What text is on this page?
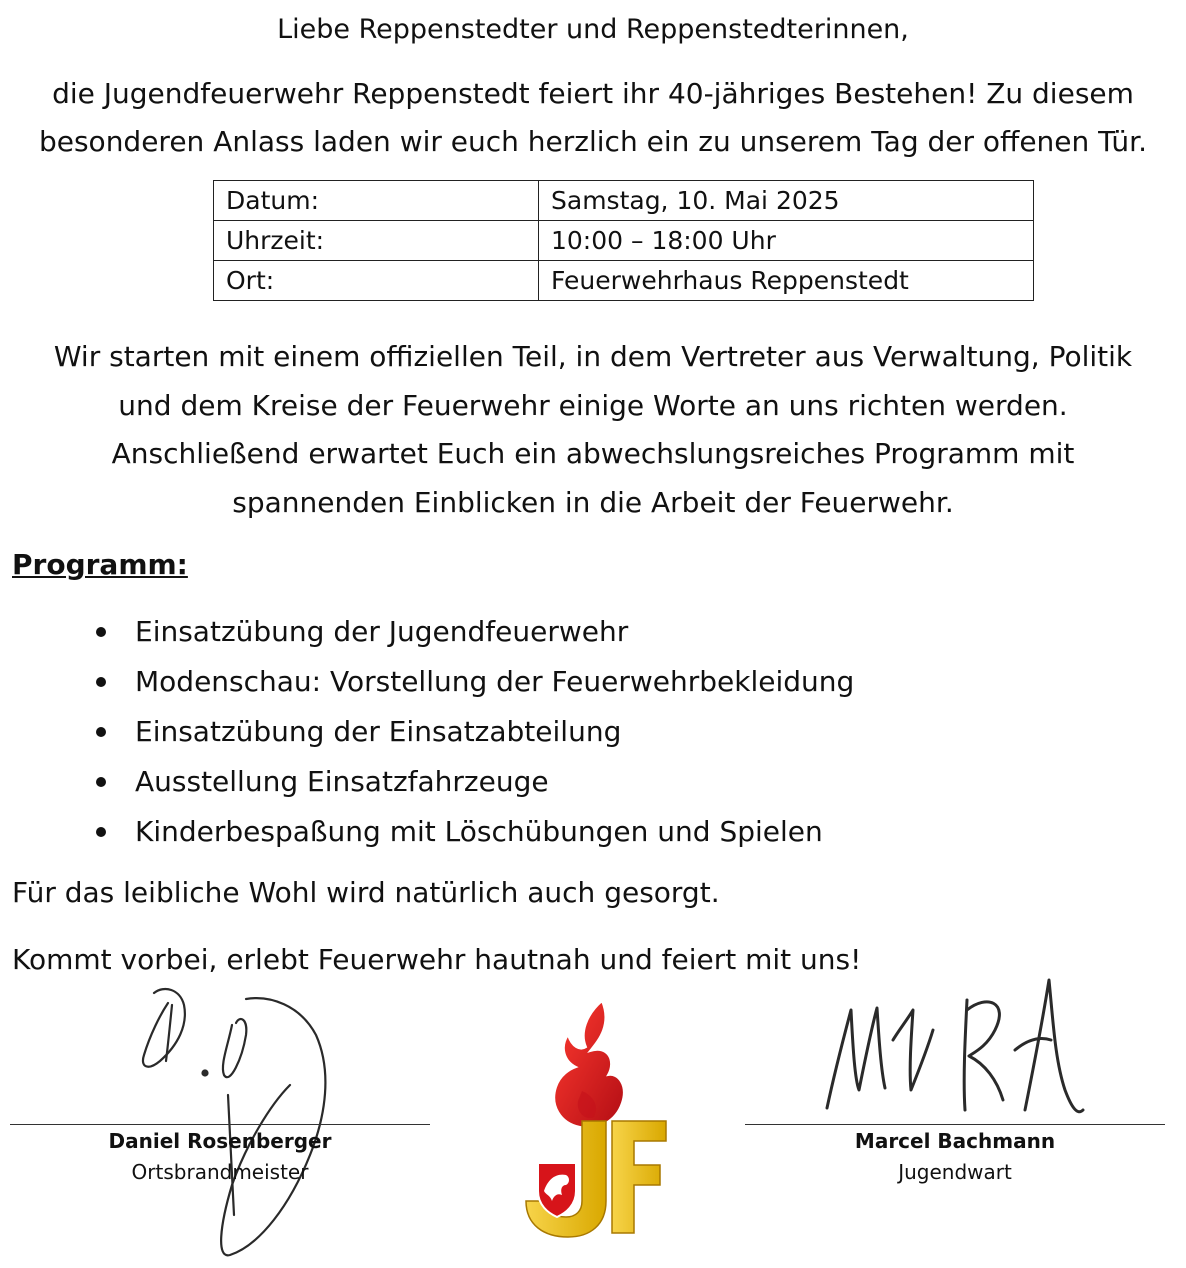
Liebe Reppenstedter und Reppenstedterinnen,
die Jugendfeuerwehr Reppenstedt feiert ihr 40-jähriges Bestehen! Zu diesem
besonderen Anlass laden wir euch herzlich ein zu unserem Tag der offenen Tür.
Datum:	Samstag, 10. Mai 2025
Uhrzeit:	10:00 – 18:00 Uhr
Ort:	Feuerwehrhaus Reppenstedt
Wir starten mit einem offiziellen Teil, in dem Vertreter aus Verwaltung, Politik
und dem Kreise der Feuerwehr einige Worte an uns richten werden.
Anschließend erwartet Euch ein abwechslungsreiches Programm mit
spannenden Einblicken in die Arbeit der Feuerwehr.
Programm:
Einsatzübung der Jugendfeuerwehr
Modenschau: Vorstellung der Feuerwehrbekleidung
Einsatzübung der Einsatzabteilung
Ausstellung Einsatzfahrzeuge
Kinderbespaßung mit Löschübungen und Spielen
Für das leibliche Wohl wird natürlich auch gesorgt.
Kommt vorbei, erlebt Feuerwehr hautnah und feiert mit uns!
Daniel Rosenberger
Ortsbrandmeister
Marcel Bachmann
Jugendwart
